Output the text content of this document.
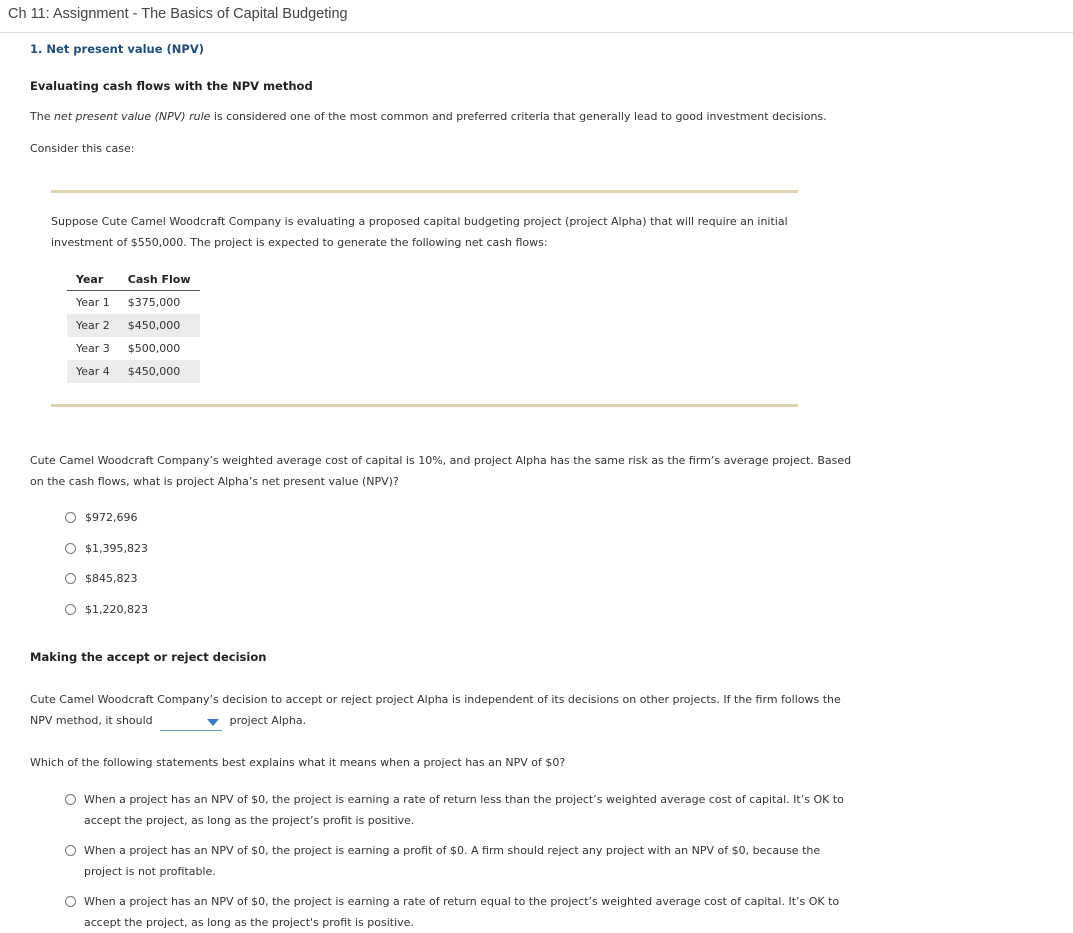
Ch 11: Assignment - The Basics of Capital Budgeting
1. Net present value (NPV)
Evaluating cash flows with the NPV method
The net present value (NPV) rule is considered one of the most common and preferred criteria that generally lead to good investment decisions.
Consider this case:
Suppose Cute Camel Woodcraft Company is evaluating a proposed capital budgeting project (project Alpha) that will require an initial
investment of $550,000. The project is expected to generate the following net cash flows:
Year	Cash Flow
Year 1	$375,000
Year 2	$450,000
Year 3	$500,000
Year 4	$450,000
Cute Camel Woodcraft Company’s weighted average cost of capital is 10%, and project Alpha has the same risk as the firm’s average project. Based
on the cash flows, what is project Alpha’s net present value (NPV)?
$972,696
$1,395,823
$845,823
$1,220,823
Making the accept or reject decision
Cute Camel Woodcraft Company’s decision to accept or reject project Alpha is independent of its decisions on other projects. If the firm follows the
NPV method, it should	project Alpha.
Which of the following statements best explains what it means when a project has an NPV of $0?
When a project has an NPV of $0, the project is earning a rate of return less than the project’s weighted average cost of capital. It’s OK to
accept the project, as long as the project’s profit is positive.
When a project has an NPV of $0, the project is earning a profit of $0. A firm should reject any project with an NPV of $0, because the
project is not profitable.
When a project has an NPV of $0, the project is earning a rate of return equal to the project’s weighted average cost of capital. It’s OK to
accept the project, as long as the project's profit is positive.
